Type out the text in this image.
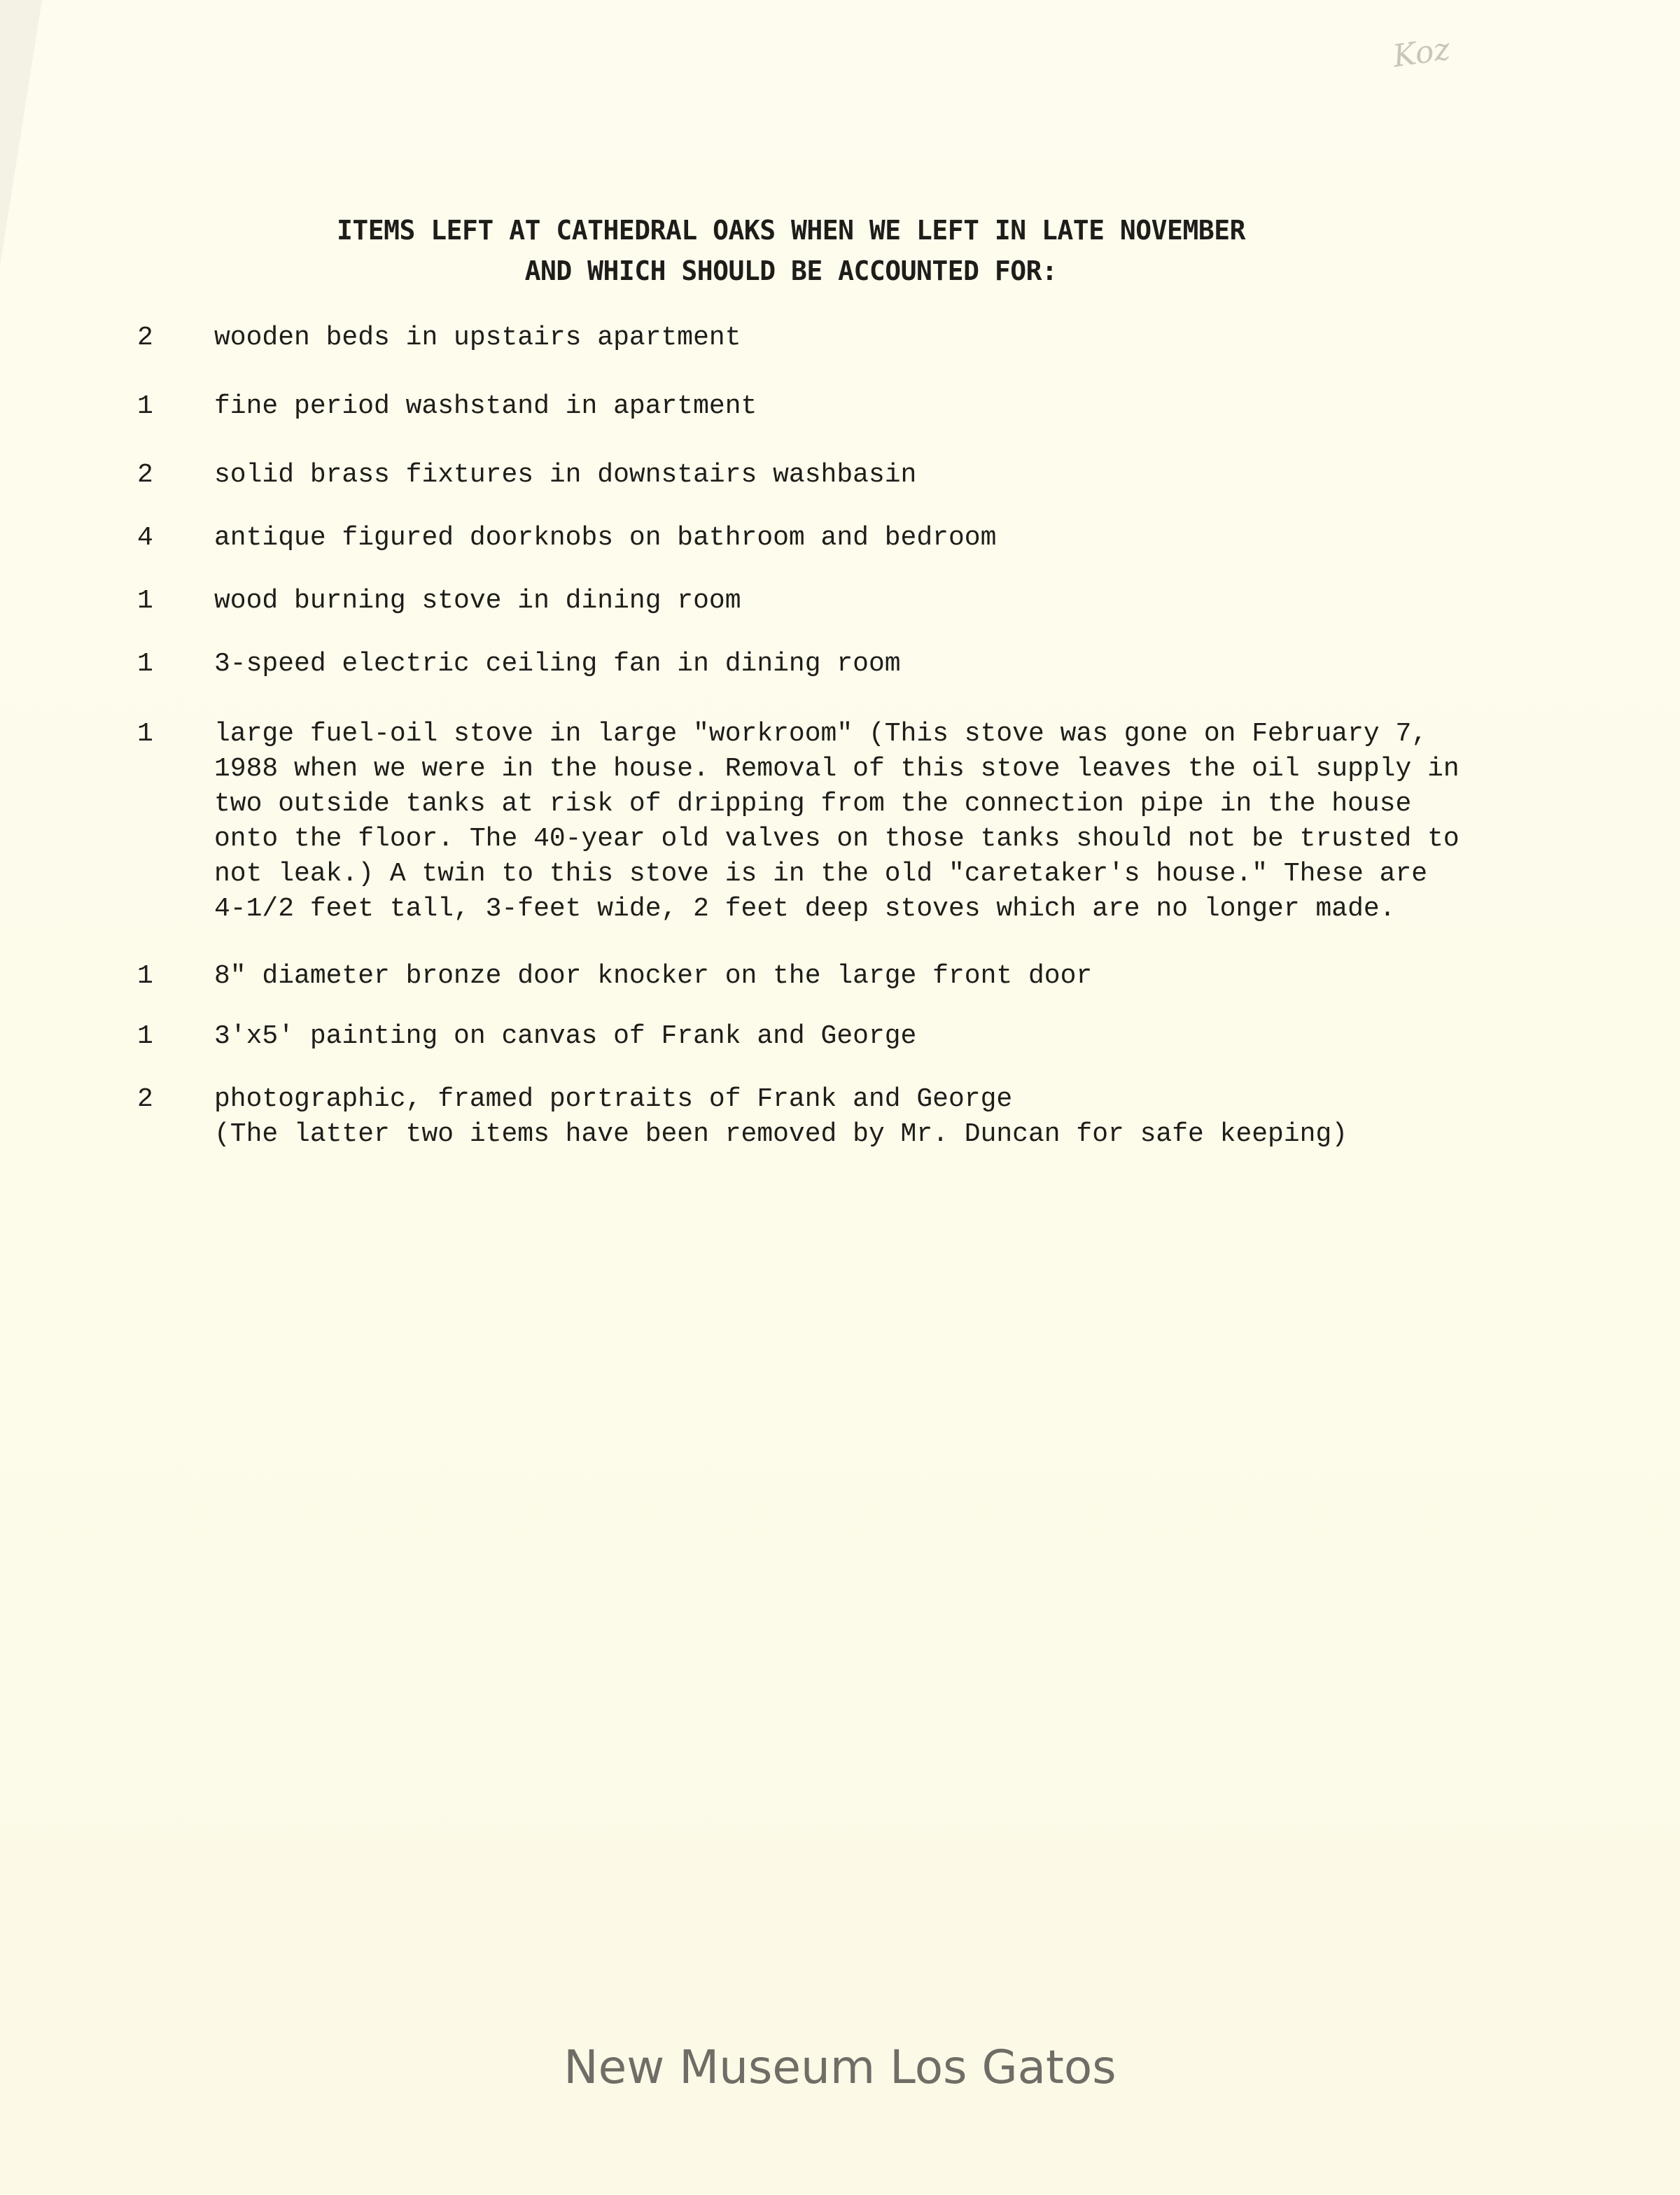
Koz
ITEMS LEFT AT CATHEDRAL OAKS WHEN WE LEFT IN LATE NOVEMBER
AND WHICH SHOULD BE ACCOUNTED FOR:
2	wooden beds in upstairs apartment
1	fine period washstand in apartment
2	solid brass fixtures in downstairs washbasin
4	antique figured doorknobs on bathroom and bedroom
1	wood burning stove in dining room
1	3-speed electric ceiling fan in dining room
1	large fuel-oil stove in large "workroom" (This stove was gone on February 7,
1988 when we were in the house. Removal of this stove leaves the oil supply in
two outside tanks at risk of dripping from the connection pipe in the house
onto the floor. The 40-year old valves on those tanks should not be trusted to
not leak.) A twin to this stove is in the old "caretaker's house." These are
4-1/2 feet tall, 3-feet wide, 2 feet deep stoves which are no longer made.
1	8" diameter bronze door knocker on the large front door
1	3'x5' painting on canvas of Frank and George
2	photographic, framed portraits of Frank and George
(The latter two items have been removed by Mr. Duncan for safe keeping)
New Museum Los Gatos
